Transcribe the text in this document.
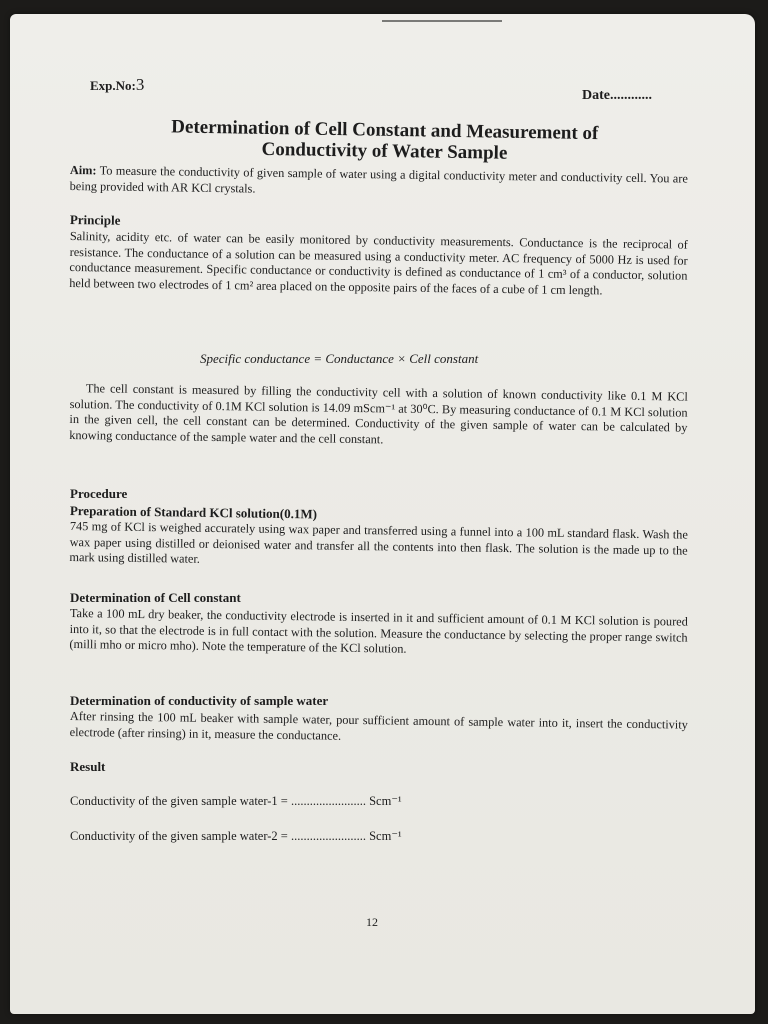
Exp.No:3
Date............
Determination of Cell Constant and Measurement of
Conductivity of Water Sample
Aim: To measure the conductivity of given sample of water using a digital conductivity meter and conductivity cell. You are being provided with AR KCl crystals.
Principle
Salinity, acidity etc. of water can be easily monitored by conductivity measurements. Conductance is the reciprocal of resistance. The conductance of a solution can be measured using a conductivity meter. AC frequency of 5000 Hz is used for conductance measurement. Specific conductance or conductivity is defined as conductance of 1 cm³ of a conductor, solution held between two electrodes of 1 cm² area placed on the opposite pairs of the faces of a cube of 1 cm length.
Specific conductance = Conductance × Cell constant
The cell constant is measured by filling the conductivity cell with a solution of known conductivity like 0.1 M KCl solution. The conductivity of 0.1M KCl solution is 14.09 mScm⁻¹ at 30⁰C. By measuring conductance of 0.1 M KCl solution in the given cell, the cell constant can be determined. Conductivity of the given sample of water can be calculated by knowing conductance of the sample water and the cell constant.
Procedure
Preparation of Standard KCl solution(0.1M)
745 mg of KCl is weighed accurately using wax paper and transferred using a funnel into a 100 mL standard flask. Wash the wax paper using distilled or deionised water and transfer all the contents into then flask. The solution is the made up to the mark using distilled water.
Determination of Cell constant
Take a 100 mL dry beaker, the conductivity electrode is inserted in it and sufficient amount of 0.1 M KCl solution is poured into it, so that the electrode is in full contact with the solution. Measure the conductance by selecting the proper range switch (milli mho or micro mho). Note the temperature of the KCl solution.
Determination of conductivity of sample water
After rinsing the 100 mL beaker with sample water, pour sufficient amount of sample water into it, insert the conductivity electrode (after rinsing) in it, measure the conductance.
Result
Conductivity of the given sample water-1 = ........................ Scm⁻¹
Conductivity of the given sample water-2 = ........................ Scm⁻¹
12
